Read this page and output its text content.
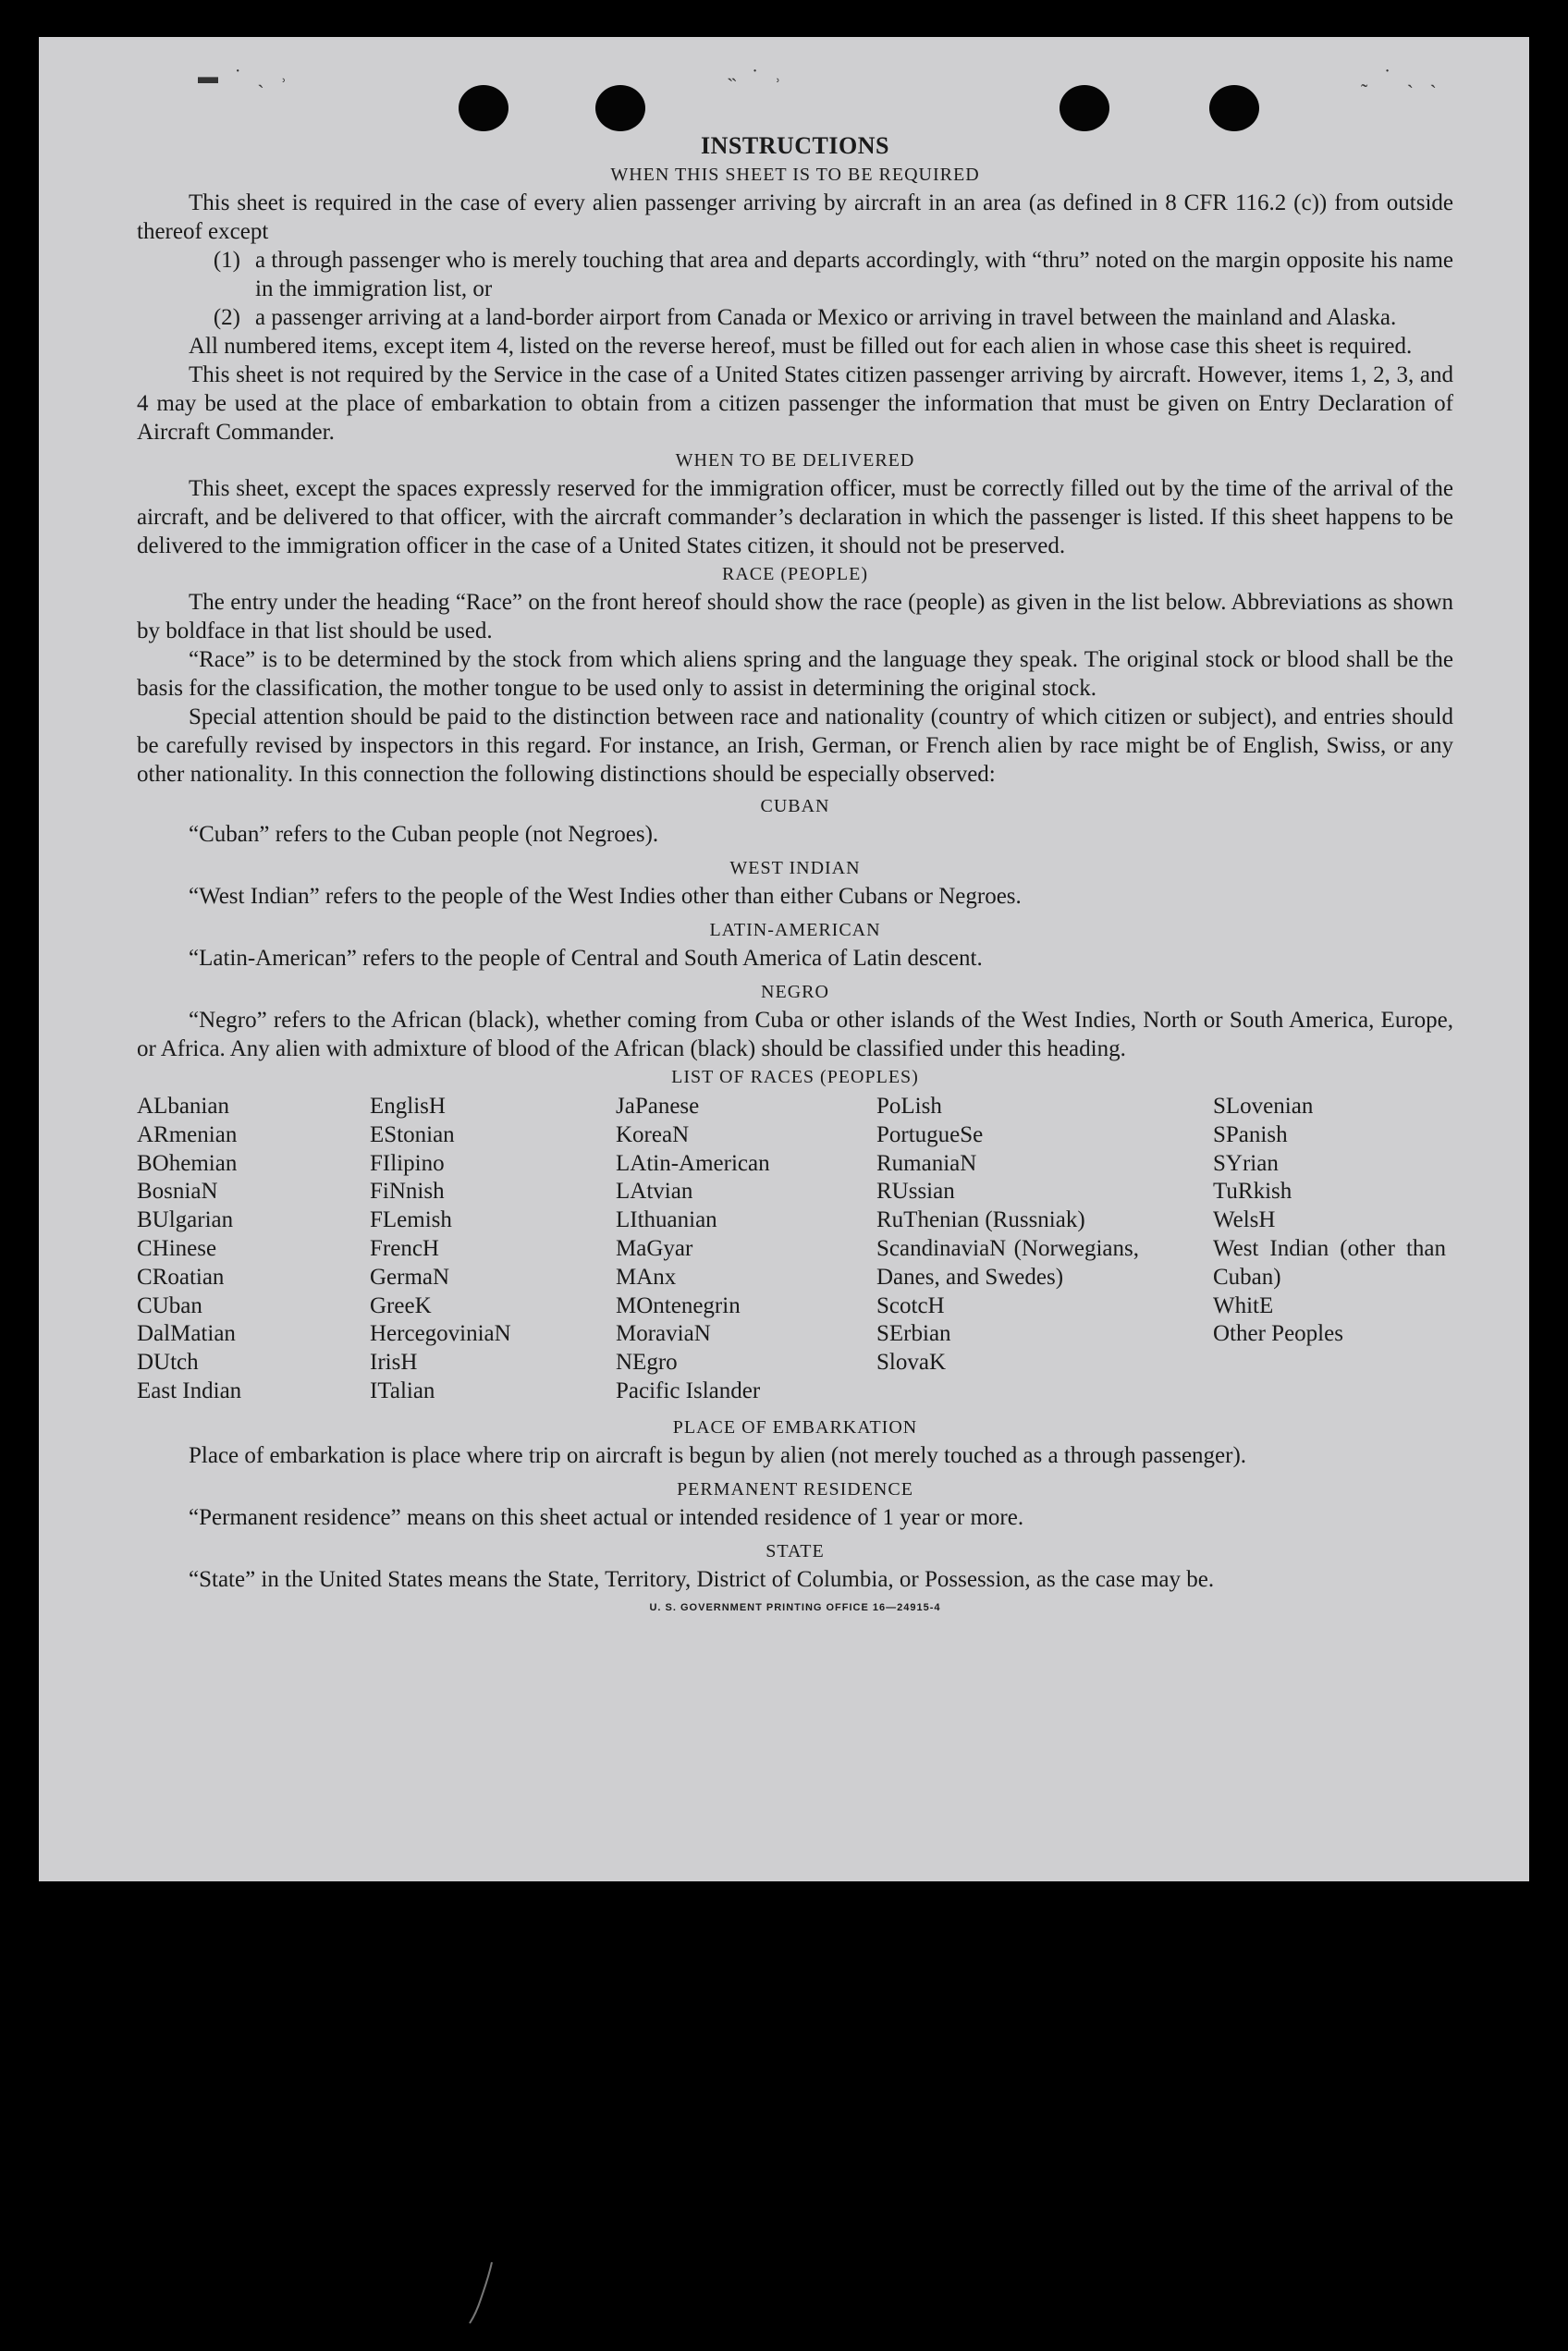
▬ ˙ ˏ ˒	˵ ˙ ˒	˷ ˙ ˏ ˏ

INSTRUCTIONS

WHEN THIS SHEET IS TO BE REQUIRED

This sheet is required in the case of every alien passenger arriving by aircraft in an area (as defined in 8 CFR 116.2 (c)) from outside thereof except

(1) a through passenger who is merely touching that area and departs accordingly, with “thru” noted on the margin opposite his name in the immigration list, or
(2) a passenger arriving at a land-border airport from Canada or Mexico or arriving in travel between the mainland and Alaska.

All numbered items, except item 4, listed on the reverse hereof, must be filled out for each alien in whose case this sheet is required.

This sheet is not required by the Service in the case of a United States citizen passenger arriving by aircraft. However, items 1, 2, 3, and 4 may be used at the place of embarkation to obtain from a citizen passenger the information that must be given on Entry Declaration of Aircraft Commander.

WHEN TO BE DELIVERED

This sheet, except the spaces expressly reserved for the immigration officer, must be correctly filled out by the time of the arrival of the aircraft, and be delivered to that officer, with the aircraft commander’s declaration in which the passenger is listed. If this sheet happens to be delivered to the immigration officer in the case of a United States citizen, it should not be preserved.

RACE (PEOPLE)

The entry under the heading “Race” on the front hereof should show the race (people) as given in the list below. Abbreviations as shown by boldface in that list should be used.

“Race” is to be determined by the stock from which aliens spring and the language they speak. The original stock or blood shall be the basis for the classification, the mother tongue to be used only to assist in determining the original stock.

Special attention should be paid to the distinction between race and nationality (country of which citizen or subject), and entries should be carefully revised by inspectors in this regard. For instance, an Irish, German, or French alien by race might be of English, Swiss, or any other nationality. In this connection the following distinctions should be especially observed:

CUBAN

“Cuban” refers to the Cuban people (not Negroes).

WEST INDIAN

“West Indian” refers to the people of the West Indies other than either Cubans or Negroes.

LATIN-AMERICAN

“Latin-American” refers to the people of Central and South America of Latin descent.

NEGRO

“Negro” refers to the African (black), whether coming from Cuba or other islands of the West Indies, North or South America, Europe, or Africa. Any alien with admixture of blood of the African (black) should be classified under this heading.

LIST OF RACES (PEOPLES)

ALbanian
ARmenian
BOhemian
BosniaN
BUlgarian
CHinese
CRoatian
CUban
DalMatian
DUtch
East Indian
EnglisH
EStonian
FIlipino
FiNnish
FLemish
FrencH
GermaN
GreeK
HercegoviniaN
IrisH
ITalian
JaPanese
KoreaN
LAtin-American
LAtvian
LIthuanian
MaGyar
MAnx
MOntenegrin
MoraviaN
NEgro
Pacific Islander
PoLish
PortugueSe
RumaniaN
RUssian
RuThenian (Russniak)
ScandinaviaN (Norwegians, Danes, and Swedes)
ScotcH
SErbian
SlovaK
SLovenian
SPanish
SYrian
TuRkish
WelsH
West Indian (other than Cuban)
WhitE
Other Peoples

PLACE OF EMBARKATION

Place of embarkation is place where trip on aircraft is begun by alien (not merely touched as a through passenger).

PERMANENT RESIDENCE

“Permanent residence” means on this sheet actual or intended residence of 1 year or more.

STATE

“State” in the United States means the State, Territory, District of Columbia, or Possession, as the case may be.

U. S. GOVERNMENT PRINTING OFFICE 16—24915-4
